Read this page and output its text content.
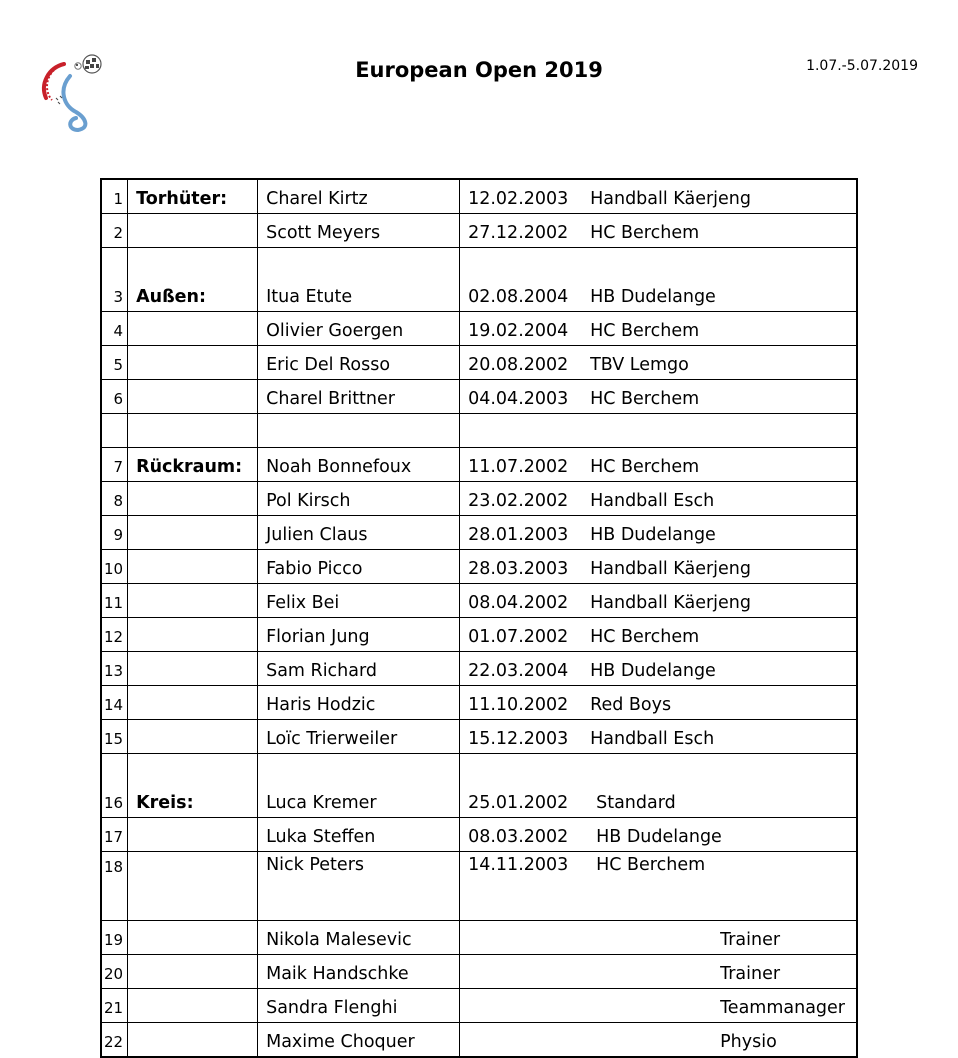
European Open 2019	1.07.-5.07.2019
1	Torhüter:	Charel Kirtz	12.02.2003	Handball Käerjeng
2		Scott Meyers	27.12.2002	HC Berchem
3	Außen:	Itua Etute	02.08.2004	HB Dudelange
4		Olivier Goergen	19.02.2004	HC Berchem
5		Eric Del Rosso	20.08.2002	TBV Lemgo
6		Charel Brittner	04.04.2003	HC Berchem

7	Rückraum:	Noah Bonnefoux	11.07.2002	HC Berchem
8		Pol Kirsch	23.02.2002	Handball Esch
9		Julien Claus	28.01.2003	HB Dudelange
10		Fabio Picco	28.03.2003	Handball Käerjeng
11		Felix Bei	08.04.2002	Handball Käerjeng
12		Florian Jung	01.07.2002	HC Berchem
13		Sam Richard	22.03.2004	HB Dudelange
14		Haris Hodzic	11.10.2002	Red Boys
15		Loïc Trierweiler	15.12.2003	Handball Esch
16	Kreis:	Luca Kremer	25.01.2002	Standard
17		Luka Steffen	08.03.2002	HB Dudelange
18		Nick Peters	14.11.2003	HC Berchem
19		Nikola Malesevic		Trainer
20		Maik Handschke		Trainer
21		Sandra Flenghi		Teammanager
22		Maxime Choquer		Physio
